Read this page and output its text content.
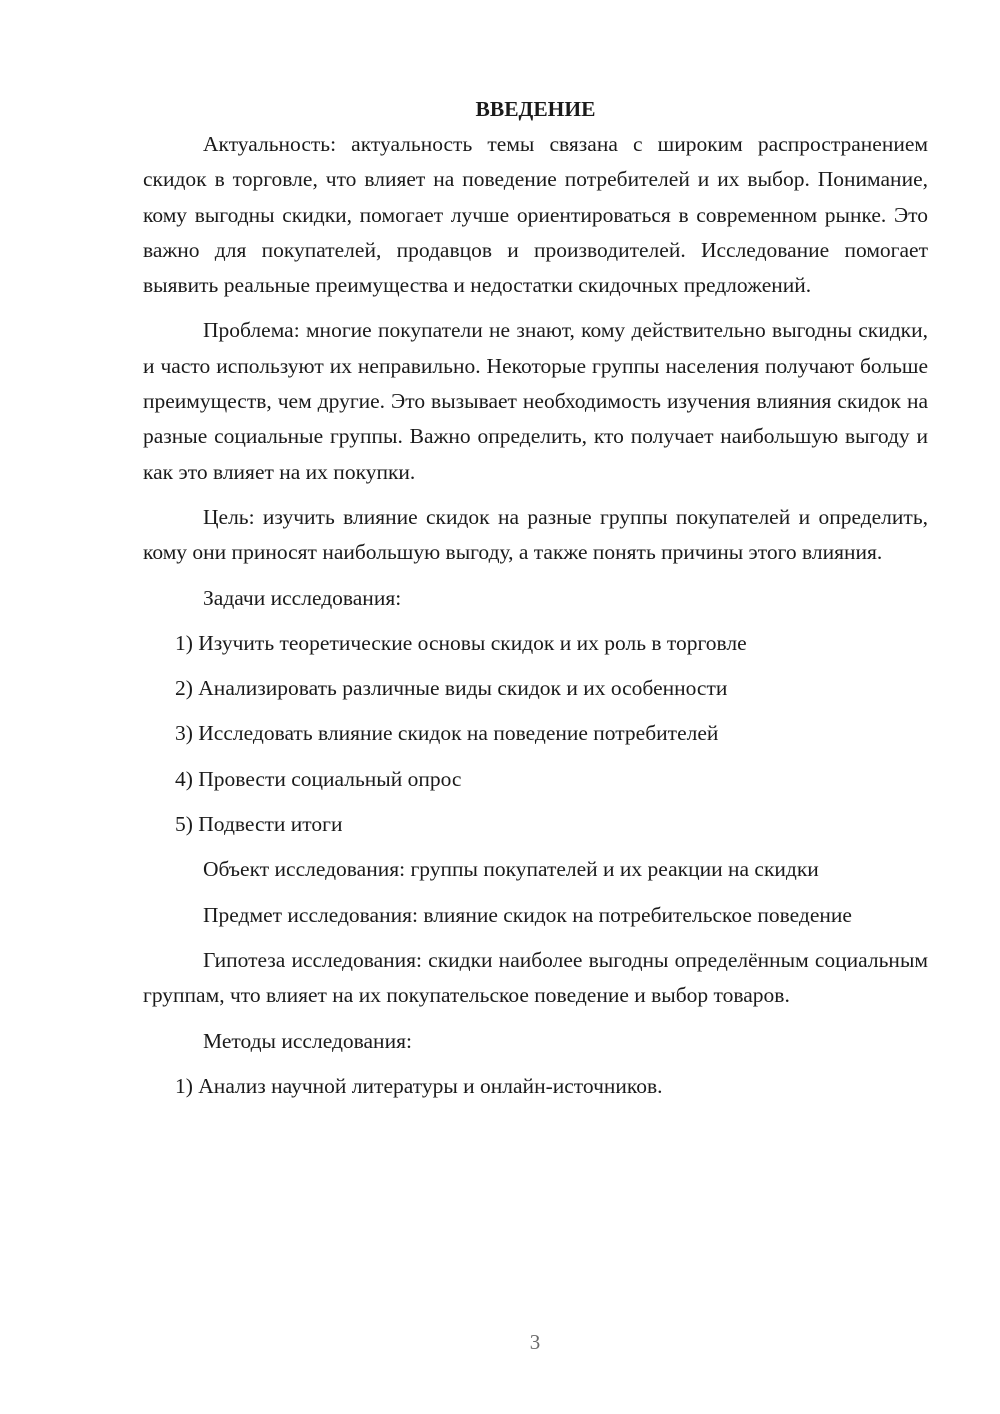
ВВЕДЕНИЕ

Актуальность: актуальность темы связана с широким распространением скидок в торговле, что влияет на поведение потребителей и их выбор. Понимание, кому выгодны скидки, помогает лучше ориентироваться в современном рынке. Это важно для покупателей, продавцов и производителей. Исследование помогает выявить реальные преимущества и недостатки скидочных предложений.

Проблема: многие покупатели не знают, кому действительно выгодны скидки, и часто используют их неправильно. Некоторые группы населения получают больше преимуществ, чем другие. Это вызывает необходимость изучения влияния скидок на разные социальные группы. Важно определить, кто получает наибольшую выгоду и как это влияет на их покупки.

Цель: изучить влияние скидок на разные группы покупателей и определить, кому они приносят наибольшую выгоду, а также понять причины этого влияния.

Задачи исследования:

1) Изучить теоретические основы скидок и их роль в торговле

2) Анализировать различные виды скидок и их особенности

3) Исследовать влияние скидок на поведение потребителей

4) Провести социальный опрос

5) Подвести итоги

Объект исследования: группы покупателей и их реакции на скидки

Предмет исследования: влияние скидок на потребительское поведение

Гипотеза исследования: скидки наиболее выгодны определённым социальным группам, что влияет на их покупательское поведение и выбор товаров.

Методы исследования:

1) Анализ научной литературы и онлайн-источников.

3
